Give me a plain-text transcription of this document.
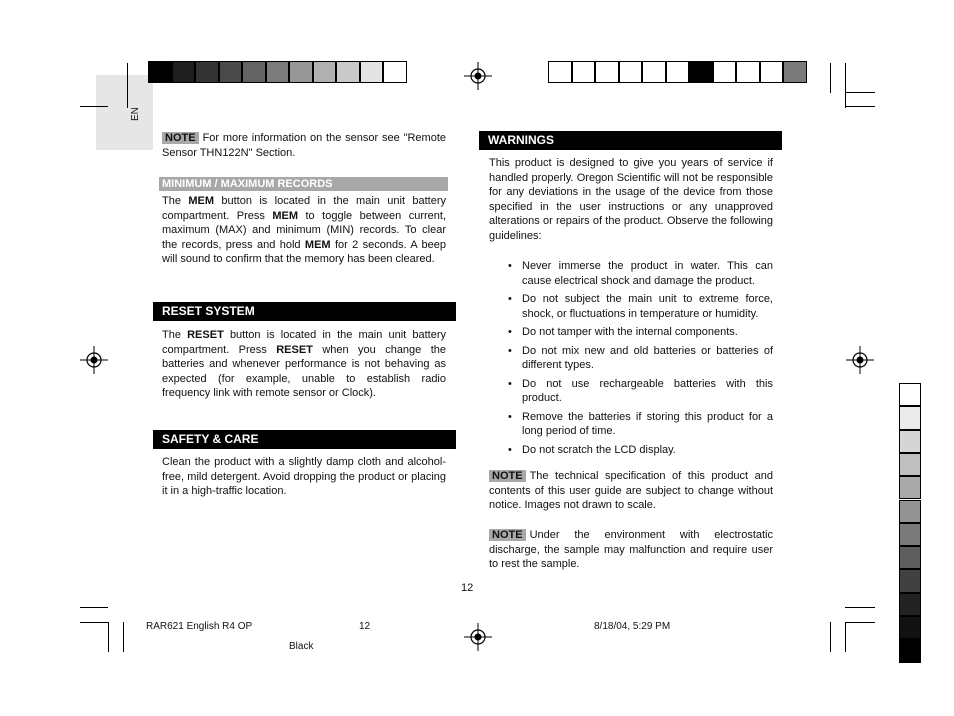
EN
NOTE For more information on the sensor see "Remote Sensor THN122N" Section.
MINIMUM / MAXIMUM RECORDS
The MEM button is located in the main unit battery compartment. Press MEM to toggle between current, maximum (MAX) and minimum (MIN) records. To clear the records, press and hold MEM for 2 seconds. A beep will sound to confirm that the memory has been cleared.
RESET SYSTEM
The RESET button is located in the main unit battery compartment. Press RESET when you change the batteries and whenever performance is not behaving as expected (for example, unable to establish radio frequency link with remote sensor or Clock).
SAFETY & CARE
Clean the product with a slightly damp cloth and alcohol-free, mild detergent. Avoid dropping the product or placing it in a high-traffic location.
WARNINGS
This product is designed to give you years of service if handled properly. Oregon Scientific will not be responsible for any deviations in the usage of the device from those specified in the user instructions or any unapproved alterations or repairs of the product. Observe the following guidelines:
• Never immerse the product in water. This can cause electrical shock and damage the product.
• Do not subject the main unit to extreme force, shock, or fluctuations in temperature or humidity.
• Do not tamper with the internal components.
• Do not mix new and old batteries or batteries of different types.
• Do not use rechargeable batteries with this product.
• Remove the batteries if storing this product for a long period of time.
• Do not scratch the LCD display.
NOTE The technical specification of this product and contents of this user guide are subject to change without notice. Images not drawn to scale.
NOTE Under the environment with electrostatic discharge, the sample may malfunction and require user to rest the sample.
12
RAR621 English R4 OP	12	8/18/04, 5:29 PM
Black
